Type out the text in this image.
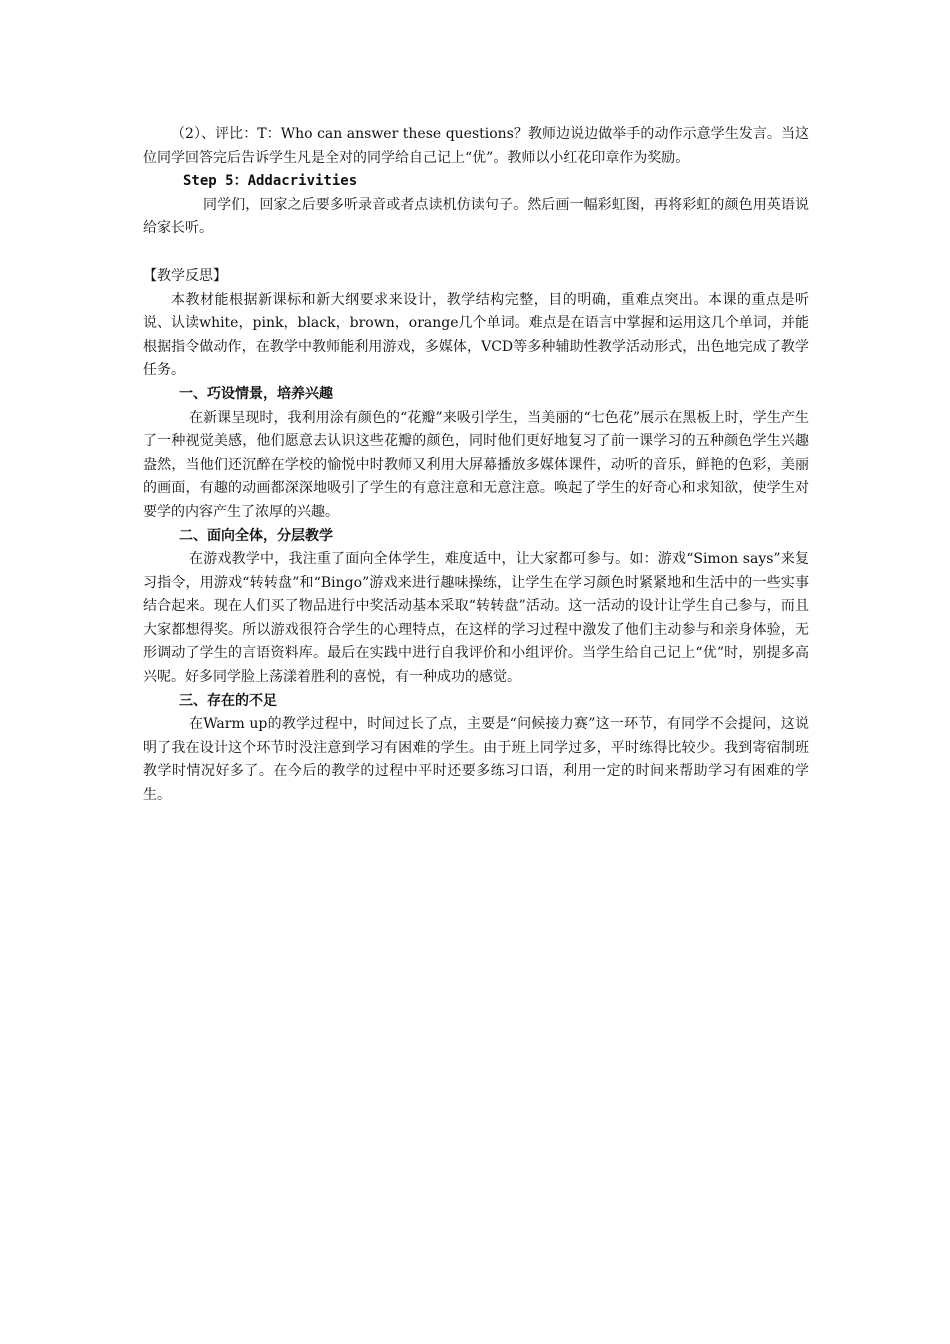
（2）、评比：T：Who can answer these questions？教师边说边做举手的动作示意学生发言。当这位同学回答完后告诉学生凡是全对的同学给自己记上“优”。教师以小红花印章作为奖励。

Step 5：Addacrivities

同学们，回家之后要多听录音或者点读机仿读句子。然后画一幅彩虹图，再将彩虹的颜色用英语说给家长听。

【教学反思】

本教材能根据新课标和新大纲要求来设计，教学结构完整，目的明确，重难点突出。本课的重点是听说、认读white，pink，black，brown，orange几个单词。难点是在语言中掌握和运用这几个单词，并能根据指令做动作，在教学中教师能利用游戏，多媒体，VCD等多种辅助性教学活动形式，出色地完成了教学任务。

一、巧设情景，培养兴趣

在新课呈现时，我利用涂有颜色的“花瓣”来吸引学生，当美丽的“七色花”展示在黑板上时，学生产生了一种视觉美感，他们愿意去认识这些花瓣的颜色，同时他们更好地复习了前一课学习的五种颜色学生兴趣盎然，当他们还沉醉在学校的愉悦中时教师又利用大屏幕播放多媒体课件，动听的音乐，鲜艳的色彩，美丽的画面，有趣的动画都深深地吸引了学生的有意注意和无意注意。唤起了学生的好奇心和求知欲，使学生对要学的内容产生了浓厚的兴趣。

二、面向全体，分层教学

在游戏教学中，我注重了面向全体学生，难度适中，让大家都可参与。如：游戏“Simon says”来复习指令，用游戏“转转盘”和“Bingo”游戏来进行趣味操练，让学生在学习颜色时紧紧地和生活中的一些实事结合起来。现在人们买了物品进行中奖活动基本采取“转转盘”活动。这一活动的设计让学生自己参与，而且大家都想得奖。所以游戏很符合学生的心理特点，在这样的学习过程中激发了他们主动参与和亲身体验，无形调动了学生的言语资料库。最后在实践中进行自我评价和小组评价。当学生给自己记上“优”时，别提多高兴呢。好多同学脸上荡漾着胜利的喜悦，有一种成功的感觉。

三、存在的不足

在Warm up的教学过程中，时间过长了点，主要是“问候接力赛”这一环节，有同学不会提问，这说明了我在设计这个环节时没注意到学习有困难的学生。由于班上同学过多，平时练得比较少。我到寄宿制班教学时情况好多了。在今后的教学的过程中平时还要多练习口语，利用一定的时间来帮助学习有困难的学生。
